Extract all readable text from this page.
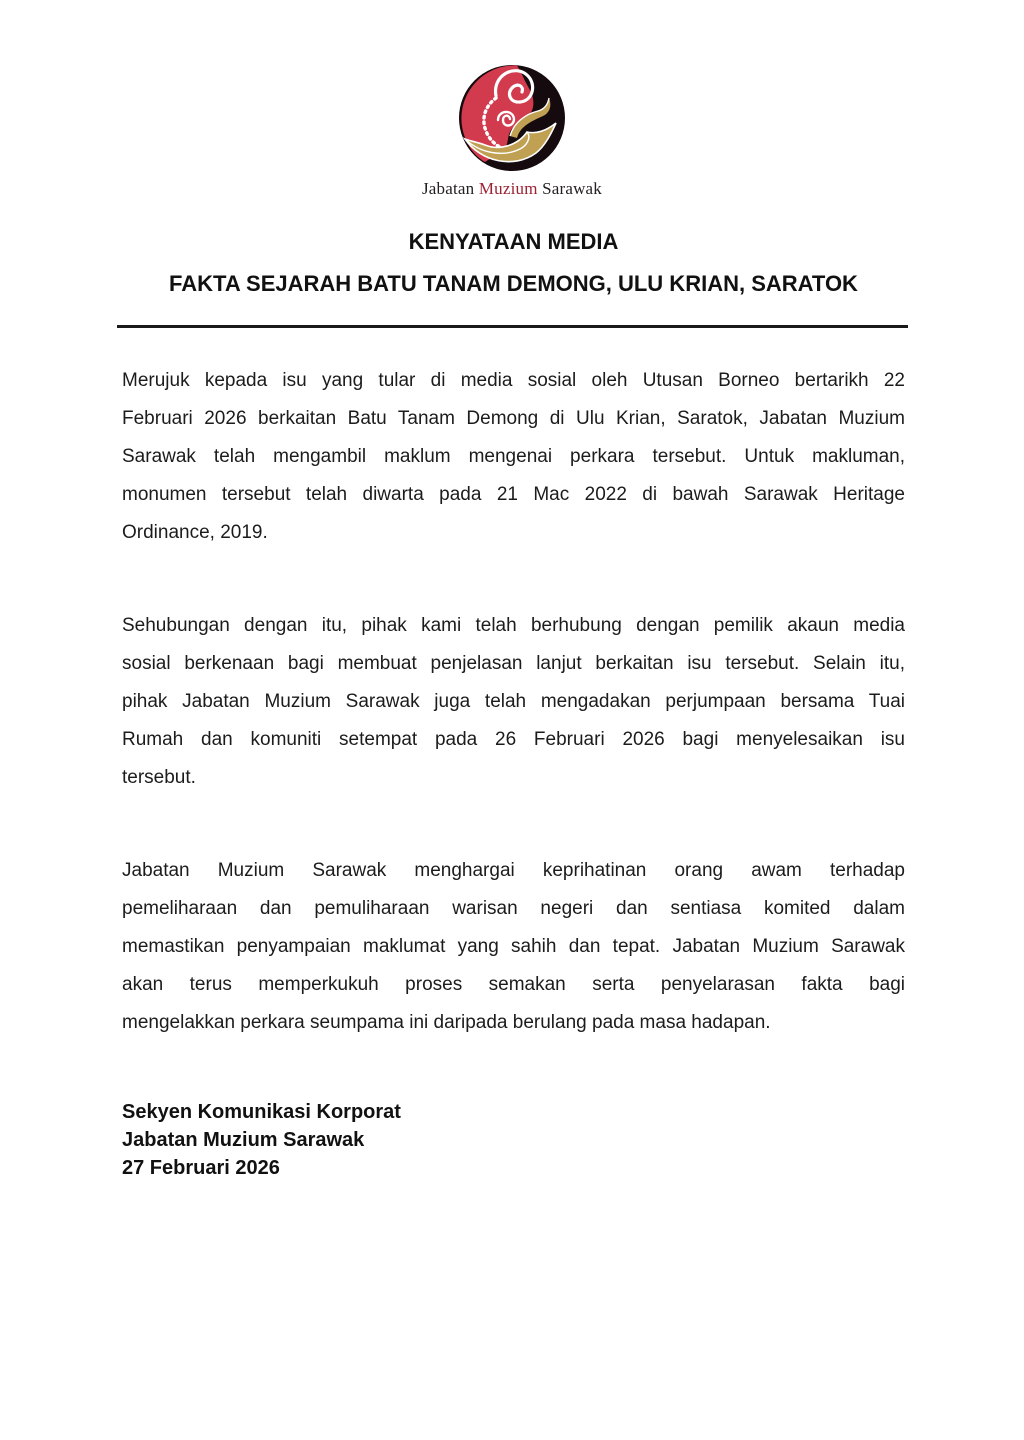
Jabatan Muzium Sarawak
KENYATAAN MEDIA
FAKTA SEJARAH BATU TANAM DEMONG, ULU KRIAN, SARATOK
Merujuk kepada isu yang tular di media sosial oleh Utusan Borneo bertarikh 22
Februari 2026 berkaitan Batu Tanam Demong di Ulu Krian, Saratok, Jabatan Muzium
Sarawak telah mengambil maklum mengenai perkara tersebut. Untuk makluman,
monumen tersebut telah diwarta pada 21 Mac 2022 di bawah Sarawak Heritage
Ordinance, 2019.
Sehubungan dengan itu, pihak kami telah berhubung dengan pemilik akaun media
sosial berkenaan bagi membuat penjelasan lanjut berkaitan isu tersebut. Selain itu,
pihak Jabatan Muzium Sarawak juga telah mengadakan perjumpaan bersama Tuai
Rumah dan komuniti setempat pada 26 Februari 2026 bagi menyelesaikan isu
tersebut.
Jabatan Muzium Sarawak menghargai keprihatinan orang awam terhadap
pemeliharaan dan pemuliharaan warisan negeri dan sentiasa komited dalam
memastikan penyampaian maklumat yang sahih dan tepat. Jabatan Muzium Sarawak
akan terus memperkukuh proses semakan serta penyelarasan fakta bagi
mengelakkan perkara seumpama ini daripada berulang pada masa hadapan.
Sekyen Komunikasi Korporat
Jabatan Muzium Sarawak
27 Februari 2026
